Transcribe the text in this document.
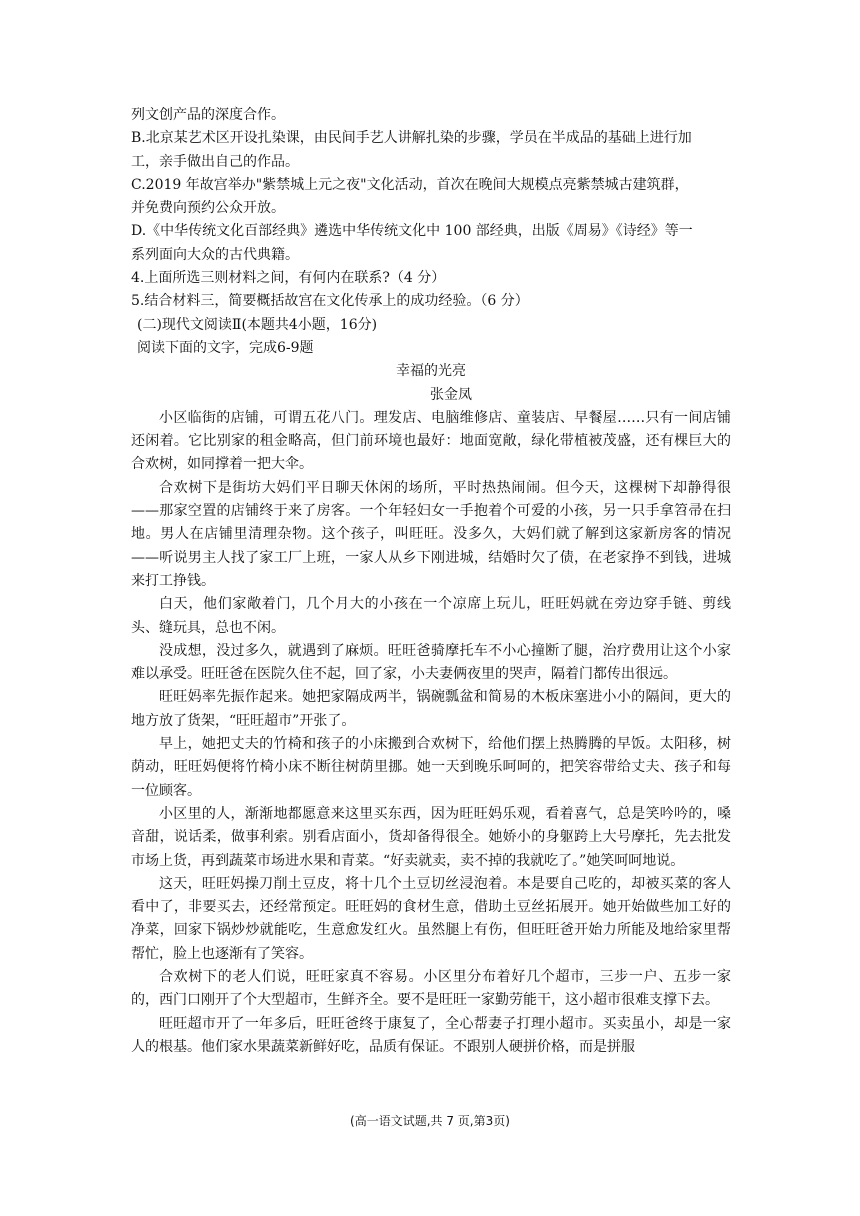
列文创产品的深度合作。
B.北京某艺术区开设扎染课，由民间手艺人讲解扎染的步骤，学员在半成品的基础上进行加
工，亲手做出自己的作品。
C.2019 年故宫举办"紫禁城上元之夜"文化活动，首次在晚间大规模点亮紫禁城古建筑群，
并免费向预约公众开放。
D.《中华传统文化百部经典》遴选中华传统文化中 100 部经典，出版《周易》《诗经》等一
系列面向大众的古代典籍。
4.上面所选三则材料之间，有何内在联系?（4 分）
5.结合材料三，简要概括故宫在文化传承上的成功经验。（6 分）
(二)现代文阅读Ⅱ(本题共4小题，16分)
阅读下面的文字，完成6-9题
幸福的光亮
张金凤

小区临街的店铺，可谓五花八门。理发店、电脑维修店、童装店、早餐屋……只有一间店铺还闲着。它比别家的租金略高，但门前环境也最好：地面宽敞，绿化带植被茂盛，还有棵巨大的合欢树，如同撑着一把大伞。

合欢树下是街坊大妈们平日聊天休闲的场所，平时热热闹闹。但今天，这棵树下却静得很——那家空置的店铺终于来了房客。一个年轻妇女一手抱着个可爱的小孩，另一只手拿笤帚在扫地。男人在店铺里清理杂物。这个孩子，叫旺旺。没多久，大妈们就了解到这家新房客的情况——听说男主人找了家工厂上班，一家人从乡下刚进城，结婚时欠了债，在老家挣不到钱，进城来打工挣钱。

白天，他们家敞着门，几个月大的小孩在一个凉席上玩儿，旺旺妈就在旁边穿手链、剪线头、缝玩具，总也不闲。

没成想，没过多久，就遇到了麻烦。旺旺爸骑摩托车不小心撞断了腿，治疗费用让这个小家难以承受。旺旺爸在医院久住不起，回了家，小夫妻俩夜里的哭声，隔着门都传出很远。

旺旺妈率先振作起来。她把家隔成两半，锅碗瓢盆和简易的木板床塞进小小的隔间，更大的地方放了货架，“旺旺超市”开张了。

早上，她把丈夫的竹椅和孩子的小床搬到合欢树下，给他们摆上热腾腾的早饭。太阳移，树荫动，旺旺妈便将竹椅小床不断往树荫里挪。她一天到晚乐呵呵的，把笑容带给丈夫、孩子和每一位顾客。

小区里的人，渐渐地都愿意来这里买东西，因为旺旺妈乐观，看着喜气，总是笑吟吟的，嗓音甜，说话柔，做事利索。别看店面小，货却备得很全。她娇小的身躯跨上大号摩托，先去批发市场上货，再到蔬菜市场进水果和青菜。“好卖就卖，卖不掉的我就吃了。”她笑呵呵地说。

这天，旺旺妈操刀削土豆皮，将十几个土豆切丝浸泡着。本是要自己吃的，却被买菜的客人看中了，非要买去，还经常预定。旺旺妈的食材生意，借助土豆丝拓展开。她开始做些加工好的净菜，回家下锅炒炒就能吃，生意愈发红火。虽然腿上有伤，但旺旺爸开始力所能及地给家里帮帮忙，脸上也逐渐有了笑容。

合欢树下的老人们说，旺旺家真不容易。小区里分布着好几个超市，三步一户、五步一家的，西门口刚开了个大型超市，生鲜齐全。要不是旺旺一家勤劳能干，这小超市很难支撑下去。

旺旺超市开了一年多后，旺旺爸终于康复了，全心帮妻子打理小超市。买卖虽小，却是一家人的根基。他们家水果蔬菜新鲜好吃，品质有保证。不跟别人硬拼价格，而是拼服

(高一语文试题,共 7 页,第3页)
